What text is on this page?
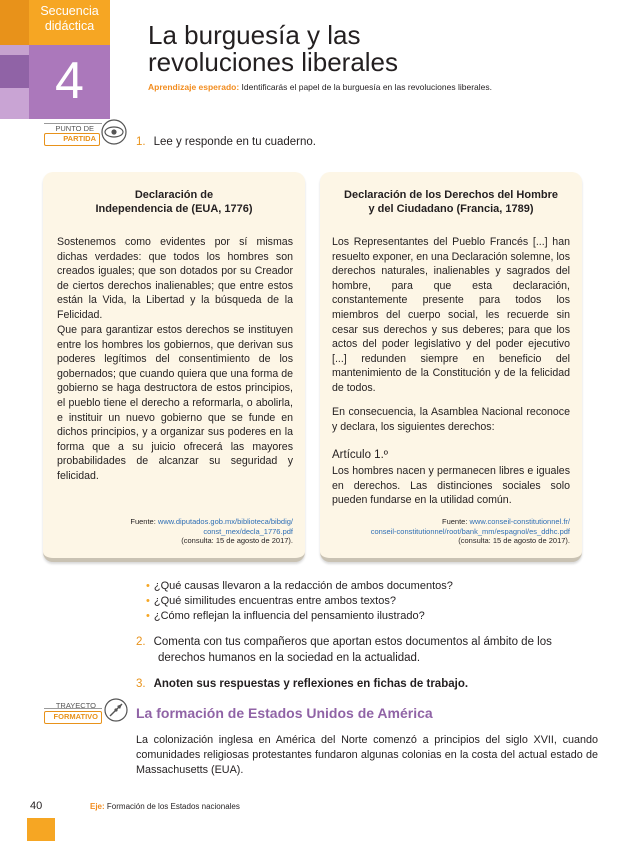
Secuencia
didáctica
4
La burguesía y las
revoluciones liberales
Aprendizaje esperado: Identificarás el papel de la burguesía en las revoluciones liberales.
PUNTO DE
PARTIDA	1. Lee y responde en tu cuaderno.
Declaración de
Independencia de (EUA, 1776)

Sostenemos como evidentes por sí mismas dichas verdades: que todos los hombres son creados iguales; que son dotados por su Creador de ciertos derechos inalienables; que entre estos están la Vida, la Libertad y la búsqueda de la Felicidad.

Que para garantizar estos derechos se instituyen entre los hombres los gobiernos, que derivan sus poderes legítimos del consentimiento de los gobernados; que cuando quiera que una forma de gobierno se haga destructora de estos principios, el pueblo tiene el derecho a reformarla, o abolirla, e instituir un nuevo gobierno que se funde en dichos principios, y a organizar sus poderes en la forma que a su juicio ofrecerá las mayores probabilidades de alcanzar su seguridad y felicidad.

Fuente: www.diputados.gob.mx/biblioteca/bibdig/
const_mex/decla_1776.pdf
(consulta: 15 de agosto de 2017).
Declaración de los Derechos del Hombre
y del Ciudadano (Francia, 1789)

Los Representantes del Pueblo Francés [...] han resuelto exponer, en una Declaración solemne, los derechos naturales, inalienables y sagrados del hombre, para que esta declaración, constantemente presente para todos los miembros del cuerpo social, les recuerde sin cesar sus derechos y sus deberes; para que los actos del poder legislativo y del poder ejecutivo [...] redunden siempre en beneficio del mantenimiento de la Constitución y de la felicidad de todos.

En consecuencia, la Asamblea Nacional reconoce y declara, los siguientes derechos:

Artículo 1.º

Los hombres nacen y permanecen libres e iguales en derechos. Las distinciones sociales solo pueden fundarse en la utilidad común.

Fuente: www.conseil-constitutionnel.fr/
conseil-constitutionnel/root/bank_mm/espagnol/es_ddhc.pdf
(consulta: 15 de agosto de 2017).
• ¿Qué causas llevaron a la redacción de ambos documentos?
• ¿Qué similitudes encuentras entre ambos textos?
• ¿Cómo reflejan la influencia del pensamiento ilustrado?
2. Comenta con tus compañeros que aportan estos documentos al ámbito de los
derechos humanos en la sociedad en la actualidad.
3. Anoten sus respuestas y reflexiones en fichas de trabajo.
TRAYECTO
FORMATIVO	La formación de Estados Unidos de América

La colonización inglesa en América del Norte comenzó a principios del siglo XVII, cuando comunidades religiosas protestantes fundaron algunas colonias en la costa del actual estado de Massachusetts (EUA).

40	Eje: Formación de los Estados nacionales
